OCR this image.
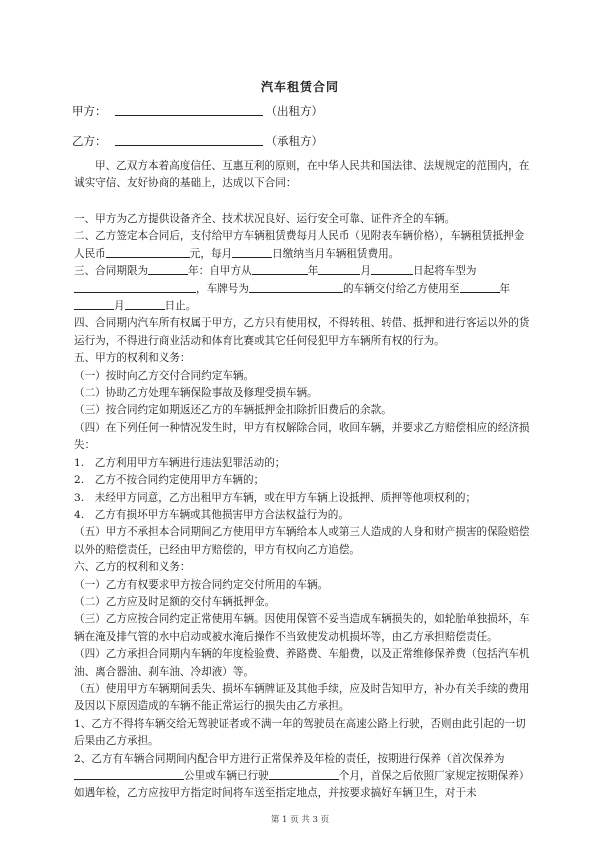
汽车租赁合同
甲方：	（出租方）
乙方：	（承租方）

甲、乙双方本着高度信任、互惠互利的原则，在中华人民共和国法律、法规规定的范围内，在诚实守信、友好协商的基础上，达成以下合同：

一、甲方为乙方提供设备齐全、技术状况良好、运行安全可靠、证件齐全的车辆。

二、乙方签定本合同后，支付给甲方车辆租赁费每月人民币（见附表车辆价格），车辆租赁抵押金人民币	元，每月	日缴纳当月车辆租赁费用。

三、合同期限为	年：自甲方从	年	月	日起将车型为，车牌号为	的车辆交付给乙方使用至	年月	日止。

四、合同期内汽车所有权属于甲方，乙方只有使用权，不得转租、转借、抵押和进行客运以外的货运行为，不得进行商业活动和体育比赛或其它任何侵犯甲方车辆所有权的行为。

五、甲方的权利和义务：

（一）按时向乙方交付合同约定车辆。

（二）协助乙方处理车辆保险事故及修理受损车辆。

（三）按合同约定如期返还乙方的车辆抵押金扣除折旧费后的余款。

（四）在下列任何一种情况发生时，甲方有权解除合同，收回车辆，并要求乙方赔偿相应的经济损失：

1.　乙方利用甲方车辆进行违法犯罪活动的；

2.　乙方不按合同约定使用甲方车辆的；

3.　未经甲方同意，乙方出租甲方车辆，或在甲方车辆上设抵押、质押等他项权利的；

4.　乙方有损坏甲方车辆或其他损害甲方合法权益行为的。

（五）甲方不承担本合同期间乙方使用甲方车辆给本人或第三人造成的人身和财产损害的保险赔偿以外的赔偿责任，已经由甲方赔偿的，甲方有权向乙方追偿。

六、乙方的权利和义务：

（一）乙方有权要求甲方按合同约定交付所用的车辆。

（二）乙方应及时足额的交付车辆抵押金。

（三）乙方应按合同约定正常使用车辆。因使用保管不妥当造成车辆损失的，如轮胎单独损坏，车辆在淹及排气管的水中启动或被水淹后操作不当致使发动机损坏等，由乙方承担赔偿责任。

（四）乙方承担合同期内车辆的年度检验费、养路费、车船费，以及正常维修保养费（包括汽车机油、离合器油、刹车油、冷却液）等。

（五）使用甲方车辆期间丢失、损坏车辆牌证及其他手续，应及时告知甲方，补办有关手续的费用及因以下原因造成的车辆不能正常运行的损失由乙方承担。

1、乙方不得将车辆交给无驾驶证者或不满一年的驾驶员在高速公路上行驶，否则由此引起的一切后果由乙方承担。

2、乙方有车辆合同期间内配合甲方进行正常保养及年检的责任，按期进行保养（首次保养为公里或车辆已行驶	个月，首保之后依照厂家规定按期保养）如遇年检，乙方应按甲方指定时间将车送至指定地点，并按要求搞好车辆卫生，对于未

第 1 页 共 3 页
